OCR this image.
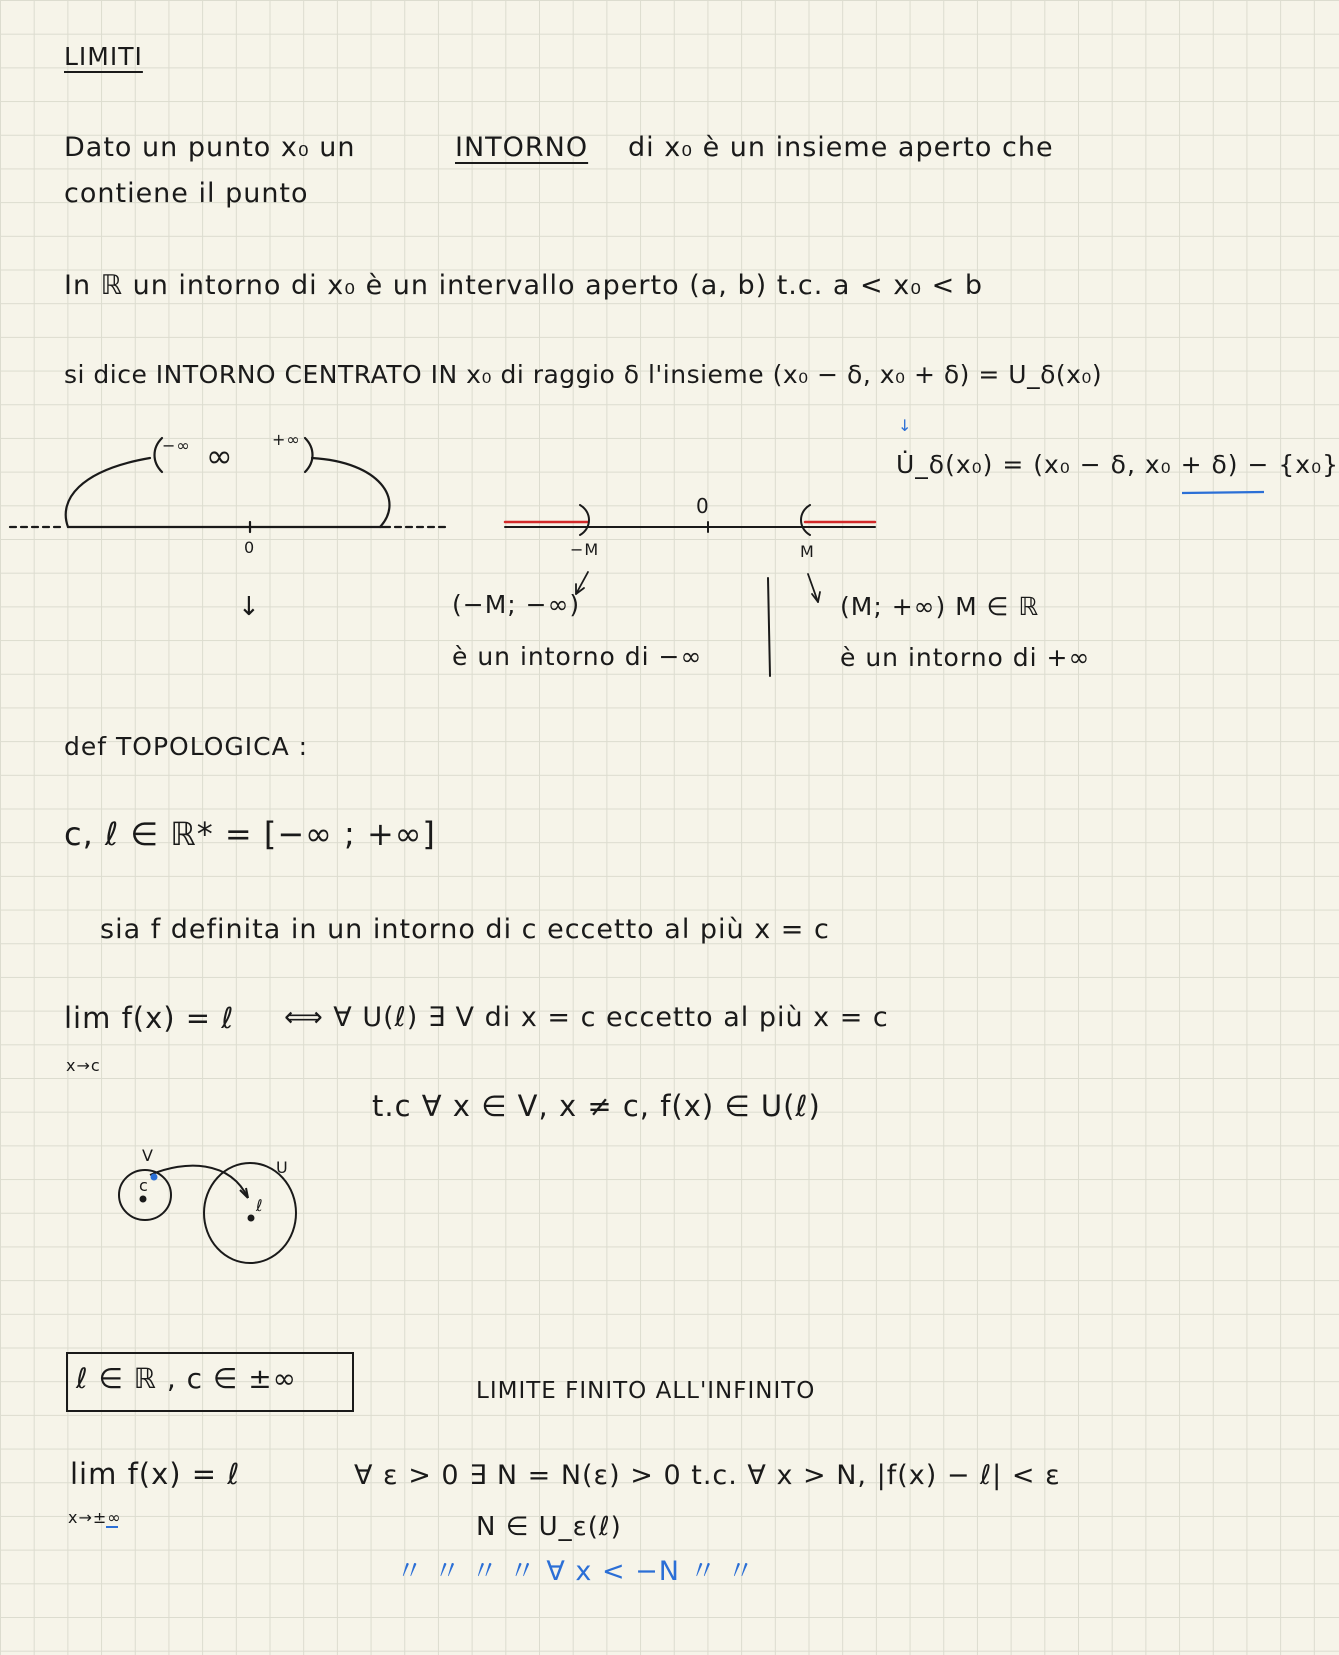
LIMITI
Dato un punto x₀ un	INTORNO di x₀ è un insieme aperto che
contiene il punto
In ℝ un intorno di x₀ è un intervallo aperto (a, b) t.c. a < x₀ < b
si dice INTORNO CENTRATO IN x₀ di raggio δ l'insieme (x₀ − δ, x₀ + δ) = U_δ(x₀)
↓
U̇_δ(x₀) = (x₀ − δ, x₀ + δ) − {x₀}
−∞ ∞ +∞
0
↓
0
−M	M
(−M; −∞)
è un intorno di −∞
(M; +∞) M ∈ ℝ
è un intorno di +∞
def TOPOLOGICA :
c, ℓ ∈ ℝ* = [−∞ ; +∞]
sia f definita in un intorno di c eccetto al più x = c
lim f(x) = ℓ
x→c
⟺ ∀ U(ℓ) ∃ V di x = c eccetto al più x = c
t.c ∀ x ∈ V, x ≠ c, f(x) ∈ U(ℓ)
V
U
c
ℓ
ℓ ∈ ℝ , c ∈ ±∞	LIMITE FINITO ALL'INFINITO
lim f(x) = ℓ
x→±∞
∀ ε > 0 ∃ N = N(ε) > 0 t.c. ∀ x > N, |f(x) − ℓ| < ε
N ∈ U_ε(ℓ)
〃 〃 〃 〃 ∀ x < −N 〃 〃
